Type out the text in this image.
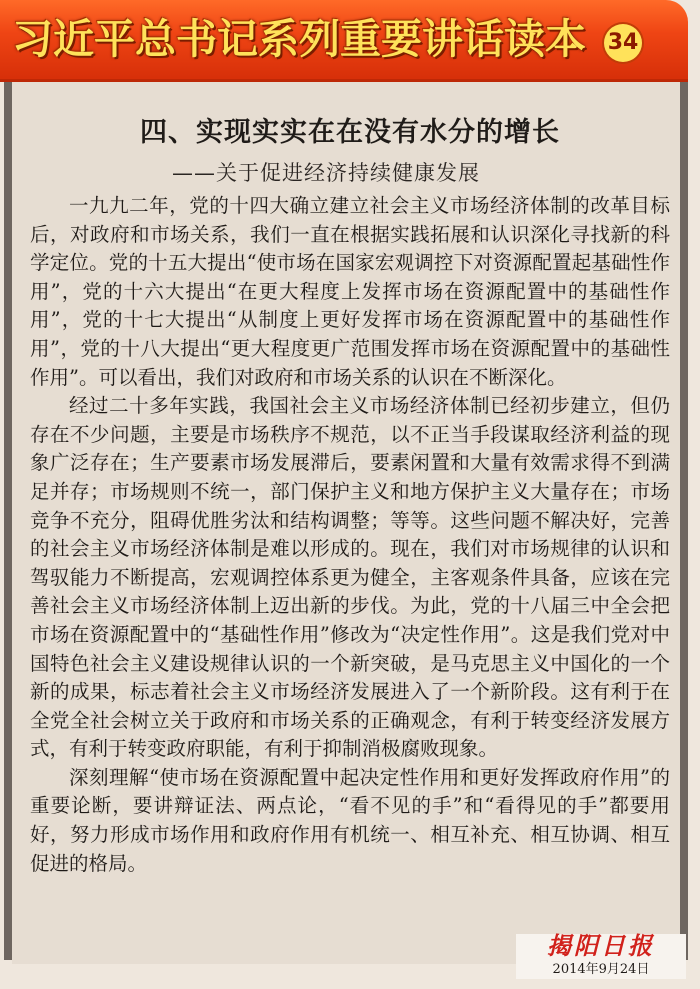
习近平总书记系列重要讲话读本 34
四、实现实实在在没有水分的增长
——关于促进经济持续健康发展

一九九二年，党的十四大确立建立社会主义市场经济体制的改革目标后，对政府和市场关系，我们一直在根据实践拓展和认识深化寻找新的科学定位。党的十五大提出“使市场在国家宏观调控下对资源配置起基础性作用”，党的十六大提出“在更大程度上发挥市场在资源配置中的基础性作用”，党的十七大提出“从制度上更好发挥市场在资源配置中的基础性作用”，党的十八大提出“更大程度更广范围发挥市场在资源配置中的基础性作用”。可以看出，我们对政府和市场关系的认识在不断深化。

经过二十多年实践，我国社会主义市场经济体制已经初步建立，但仍存在不少问题，主要是市场秩序不规范，以不正当手段谋取经济利益的现象广泛存在；生产要素市场发展滞后，要素闲置和大量有效需求得不到满足并存；市场规则不统一，部门保护主义和地方保护主义大量存在；市场竞争不充分，阻碍优胜劣汰和结构调整；等等。这些问题不解决好，完善的社会主义市场经济体制是难以形成的。现在，我们对市场规律的认识和驾驭能力不断提高，宏观调控体系更为健全，主客观条件具备，应该在完善社会主义市场经济体制上迈出新的步伐。为此，党的十八届三中全会把市场在资源配置中的“基础性作用”修改为“决定性作用”。这是我们党对中国特色社会主义建设规律认识的一个新突破，是马克思主义中国化的一个新的成果，标志着社会主义市场经济发展进入了一个新阶段。这有利于在全党全社会树立关于政府和市场关系的正确观念，有利于转变经济发展方式，有利于转变政府职能，有利于抑制消极腐败现象。

深刻理解“使市场在资源配置中起决定性作用和更好发挥政府作用”的重要论断，要讲辩证法、两点论，“看不见的手”和“看得见的手”都要用好，努力形成市场作用和政府作用有机统一、相互补充、相互协调、相互促进的格局。

揭阳日报
2014年9月24日
